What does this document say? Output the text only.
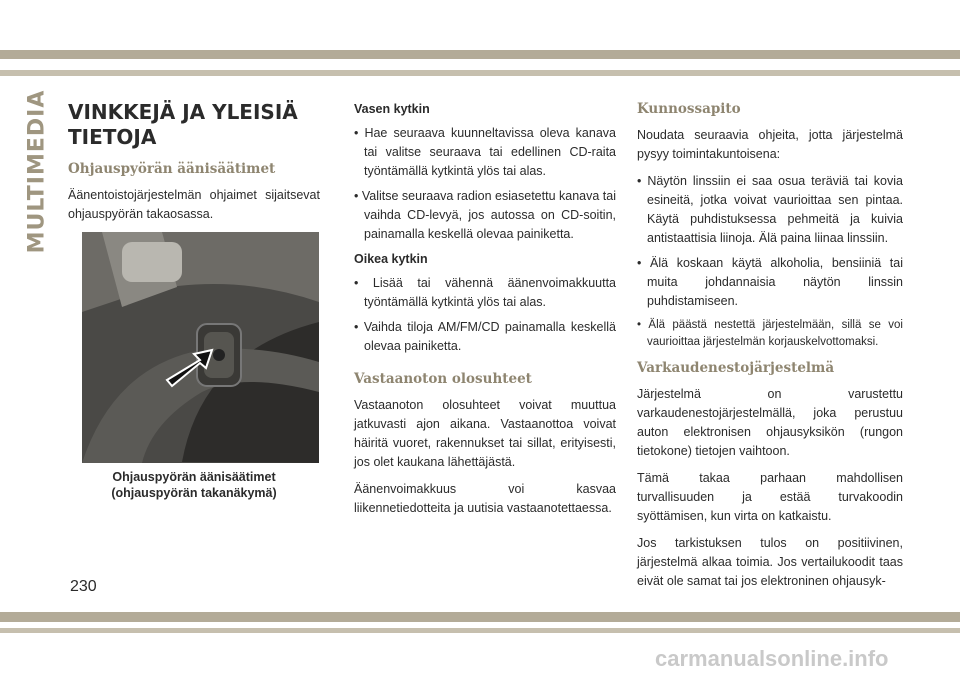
MULTIMEDIA VINKKEJÄ JA YLEISIÄ
TIETOJA
Ohjauspyörän äänisäätimet
Äänentoistojärjestelmän ohjaimet sijaitsevat ohjauspyörän takaosassa.
Ohjauspyörän äänisäätimet (ohjauspyörän takanäkymä)
Vasen kytkin
• Hae seuraava kuunneltavissa oleva kanava tai valitse seuraava tai edellinen CD-raita työntämällä kytkintä ylös tai alas.
• Valitse seuraava radion esiasetettu kanava tai vaihda CD-levyä, jos autossa on CD-soitin, painamalla keskellä olevaa painiketta.
Oikea kytkin
• Lisää tai vähennä äänenvoimakkuutta työntämällä kytkintä ylös tai alas.
• Vaihda tiloja AM/FM/CD painamalla keskellä olevaa painiketta.
Vastaanoton olosuhteet
Vastaanoton olosuhteet voivat muuttua jatkuvasti ajon aikana. Vastaanottoa voivat häiritä vuoret, rakennukset tai sillat, erityisesti, jos olet kaukana lähettäjästä.
Äänenvoimakkuus voi kasvaa liikennetiedotteita ja uutisia vastaanotettaessa.
Kunnossapito
Noudata seuraavia ohjeita, jotta järjestelmä pysyy toimintakuntoisena:
• Näytön linssiin ei saa osua teräviä tai kovia esineitä, jotka voivat vaurioittaa sen pintaa. Käytä puhdistuksessa pehmeitä ja kuivia antistaattisia liinoja. Älä paina liinaa linssiin.
• Älä koskaan käytä alkoholia, bensiiniä tai muita johdannaisia näytön linssin puhdistamiseen.
• Älä päästä nestettä järjestelmään, sillä se voi vaurioittaa järjestelmän korjauskelvottomaksi.
Varkaudenestojärjestelmä
Järjestelmä on varustettu varkaudenestojärjestelmällä, joka perustuu auton elektronisen ohjausyksikön (rungon tietokone) tietojen vaihtoon.
Tämä takaa parhaan mahdollisen turvallisuuden ja estää turvakoodin syöttämisen, kun virta on katkaistu.
Jos tarkistuksen tulos on positiivinen, järjestelmä alkaa toimia. Jos vertailukoodit taas eivät ole samat tai jos elektroninen ohjausyk-
230
carmanualsonline.info
